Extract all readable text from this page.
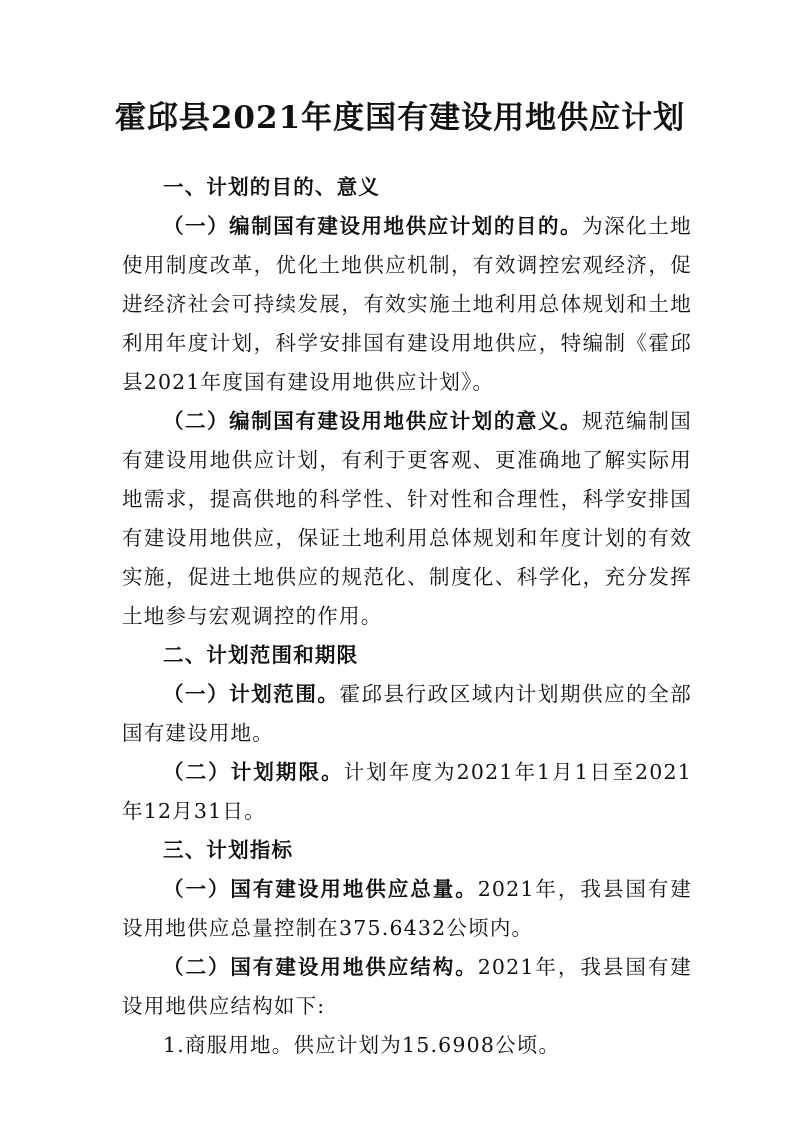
霍邱县2021年度国有建设用地供应计划

一、计划的目的、意义

（一）编制国有建设用地供应计划的目的。为深化土地使用制度改革，优化土地供应机制，有效调控宏观经济，促进经济社会可持续发展，有效实施土地利用总体规划和土地利用年度计划，科学安排国有建设用地供应，特编制《霍邱县2021年度国有建设用地供应计划》。

（二）编制国有建设用地供应计划的意义。规范编制国有建设用地供应计划，有利于更客观、更准确地了解实际用地需求，提高供地的科学性、针对性和合理性，科学安排国有建设用地供应，保证土地利用总体规划和年度计划的有效实施，促进土地供应的规范化、制度化、科学化，充分发挥土地参与宏观调控的作用。

二、计划范围和期限

（一）计划范围。霍邱县行政区域内计划期供应的全部国有建设用地。

（二）计划期限。计划年度为2021年1月1日至2021年12月31日。

三、计划指标

（一）国有建设用地供应总量。2021年，我县国有建设用地供应总量控制在375.6432公顷内。

（二）国有建设用地供应结构。2021年，我县国有建设用地供应结构如下:

1.商服用地。供应计划为15.6908公顷。
